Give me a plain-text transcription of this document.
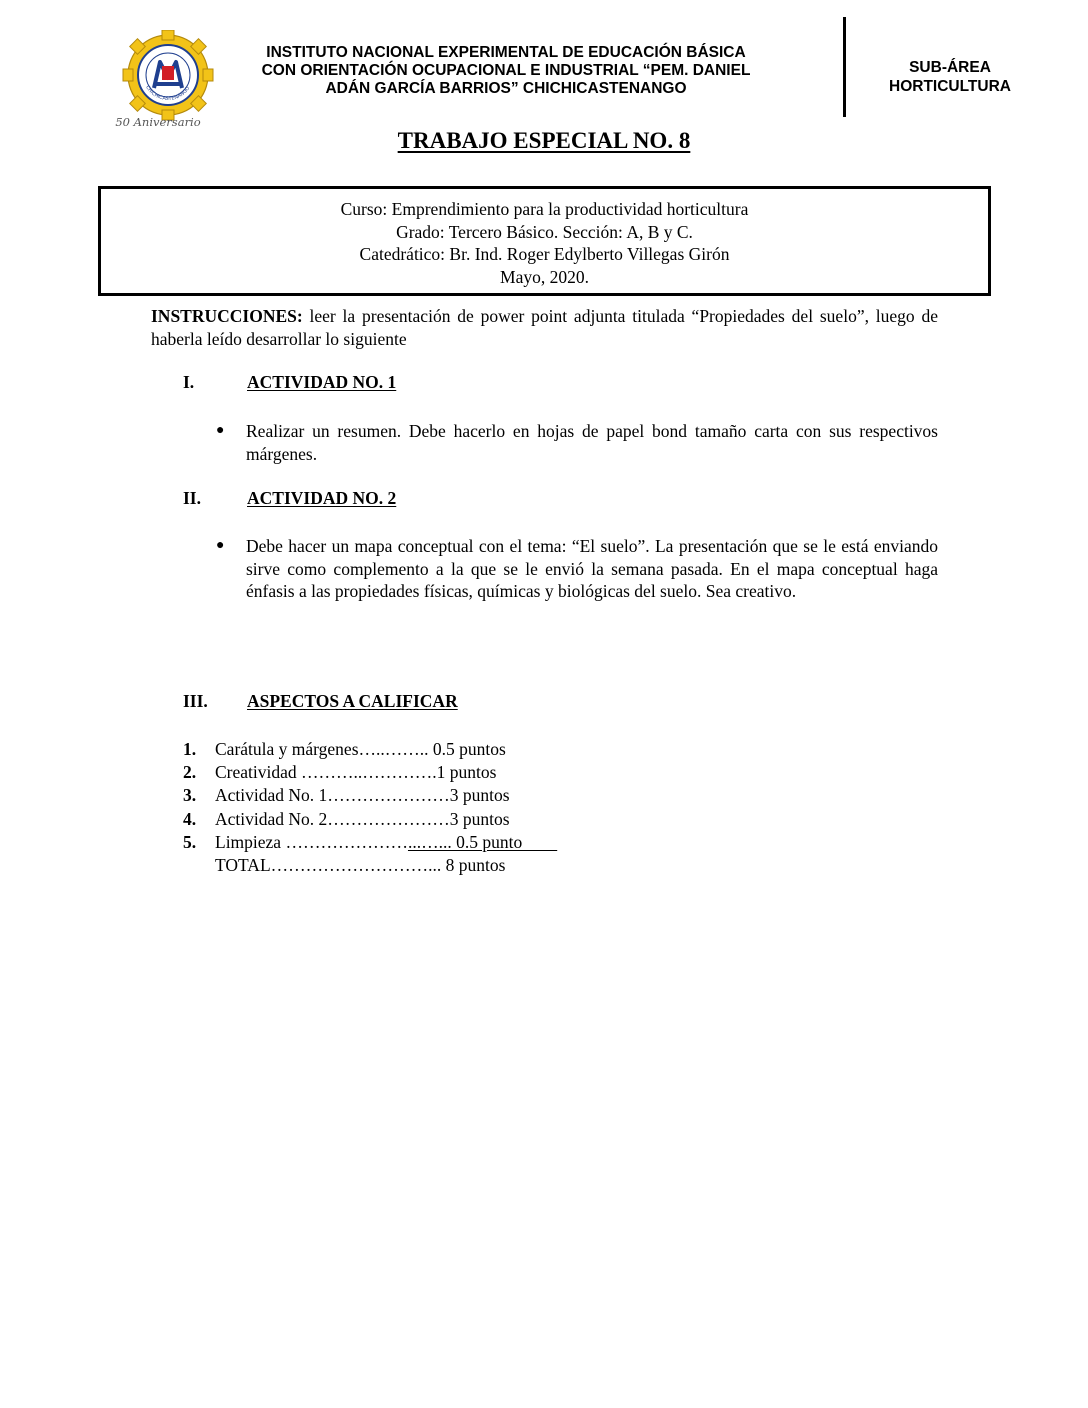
CHICHICASTENANGO
50 Aniversario
INSTITUTO NACIONAL EXPERIMENTAL DE EDUCACIÓN BÁSICA
CON ORIENTACIÓN OCUPACIONAL E INDUSTRIAL “PEM. DANIEL
ADÁN GARCÍA BARRIOS” CHICHICASTENANGO
SUB-ÁREA
HORTICULTURA
TRABAJO ESPECIAL NO. 8
Curso: Emprendimiento para la productividad horticultura
Grado: Tercero Básico. Sección: A, B y C.
Catedrático: Br. Ind. Roger Edylberto Villegas Girón
Mayo, 2020.
INSTRUCCIONES: leer la presentación de power point adjunta titulada “Propiedades del suelo”, luego de haberla leído desarrollar lo siguiente
I.	ACTIVIDAD NO. 1
●	Realizar un resumen. Debe hacerlo en hojas de papel bond tamaño carta con sus respectivos márgenes.
II.	ACTIVIDAD NO. 2
●	Debe hacer un mapa conceptual con el tema: “El suelo”. La presentación que se le está enviando sirve como complemento a la que se le envió la semana pasada. En el mapa conceptual haga énfasis a las propiedades físicas, químicas y biológicas del suelo. Sea creativo.
III. ASPECTOS A CALIFICAR
1. Carátula y márgenes…..…….. 0.5 puntos
2. Creatividad ………..………….1 puntos
3. Actividad No. 1…………………3 puntos
4. Actividad No. 2…………………3 puntos
5. Limpieza …………………...…... 0.5 punto
TOTAL………………………... 8 puntos
